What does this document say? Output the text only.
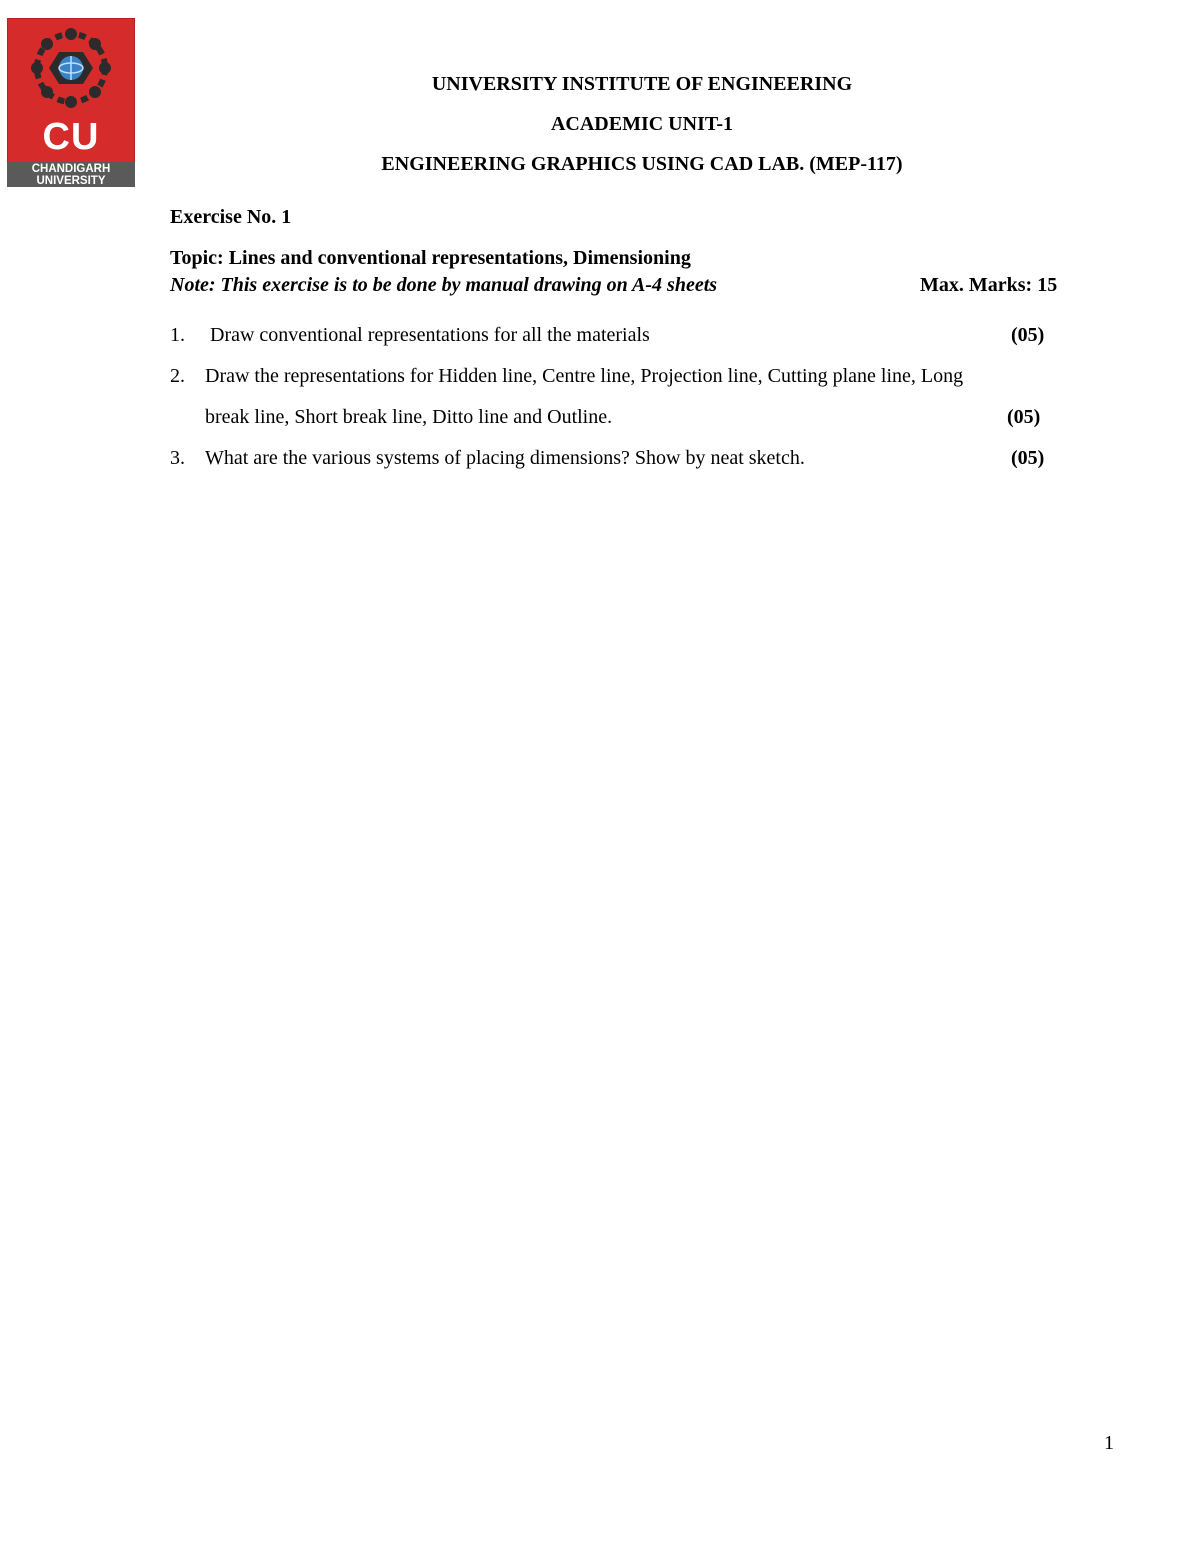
CU
CHANDIGARH
UNIVERSITY
UNIVERSITY INSTITUTE OF ENGINEERING
ACADEMIC UNIT-1
ENGINEERING GRAPHICS USING CAD LAB. (MEP-117)
Exercise No. 1
Topic: Lines and conventional representations, Dimensioning
Note: This exercise is to be done by manual drawing on A-4 sheets	Max. Marks: 15
1. Draw conventional representations for all the materials	(05)
2. Draw the representations for Hidden line, Centre line, Projection line, Cutting plane line, Long
break line, Short break line, Ditto line and Outline.	(05)
3. What are the various systems of placing dimensions? Show by neat sketch.	(05)
1
